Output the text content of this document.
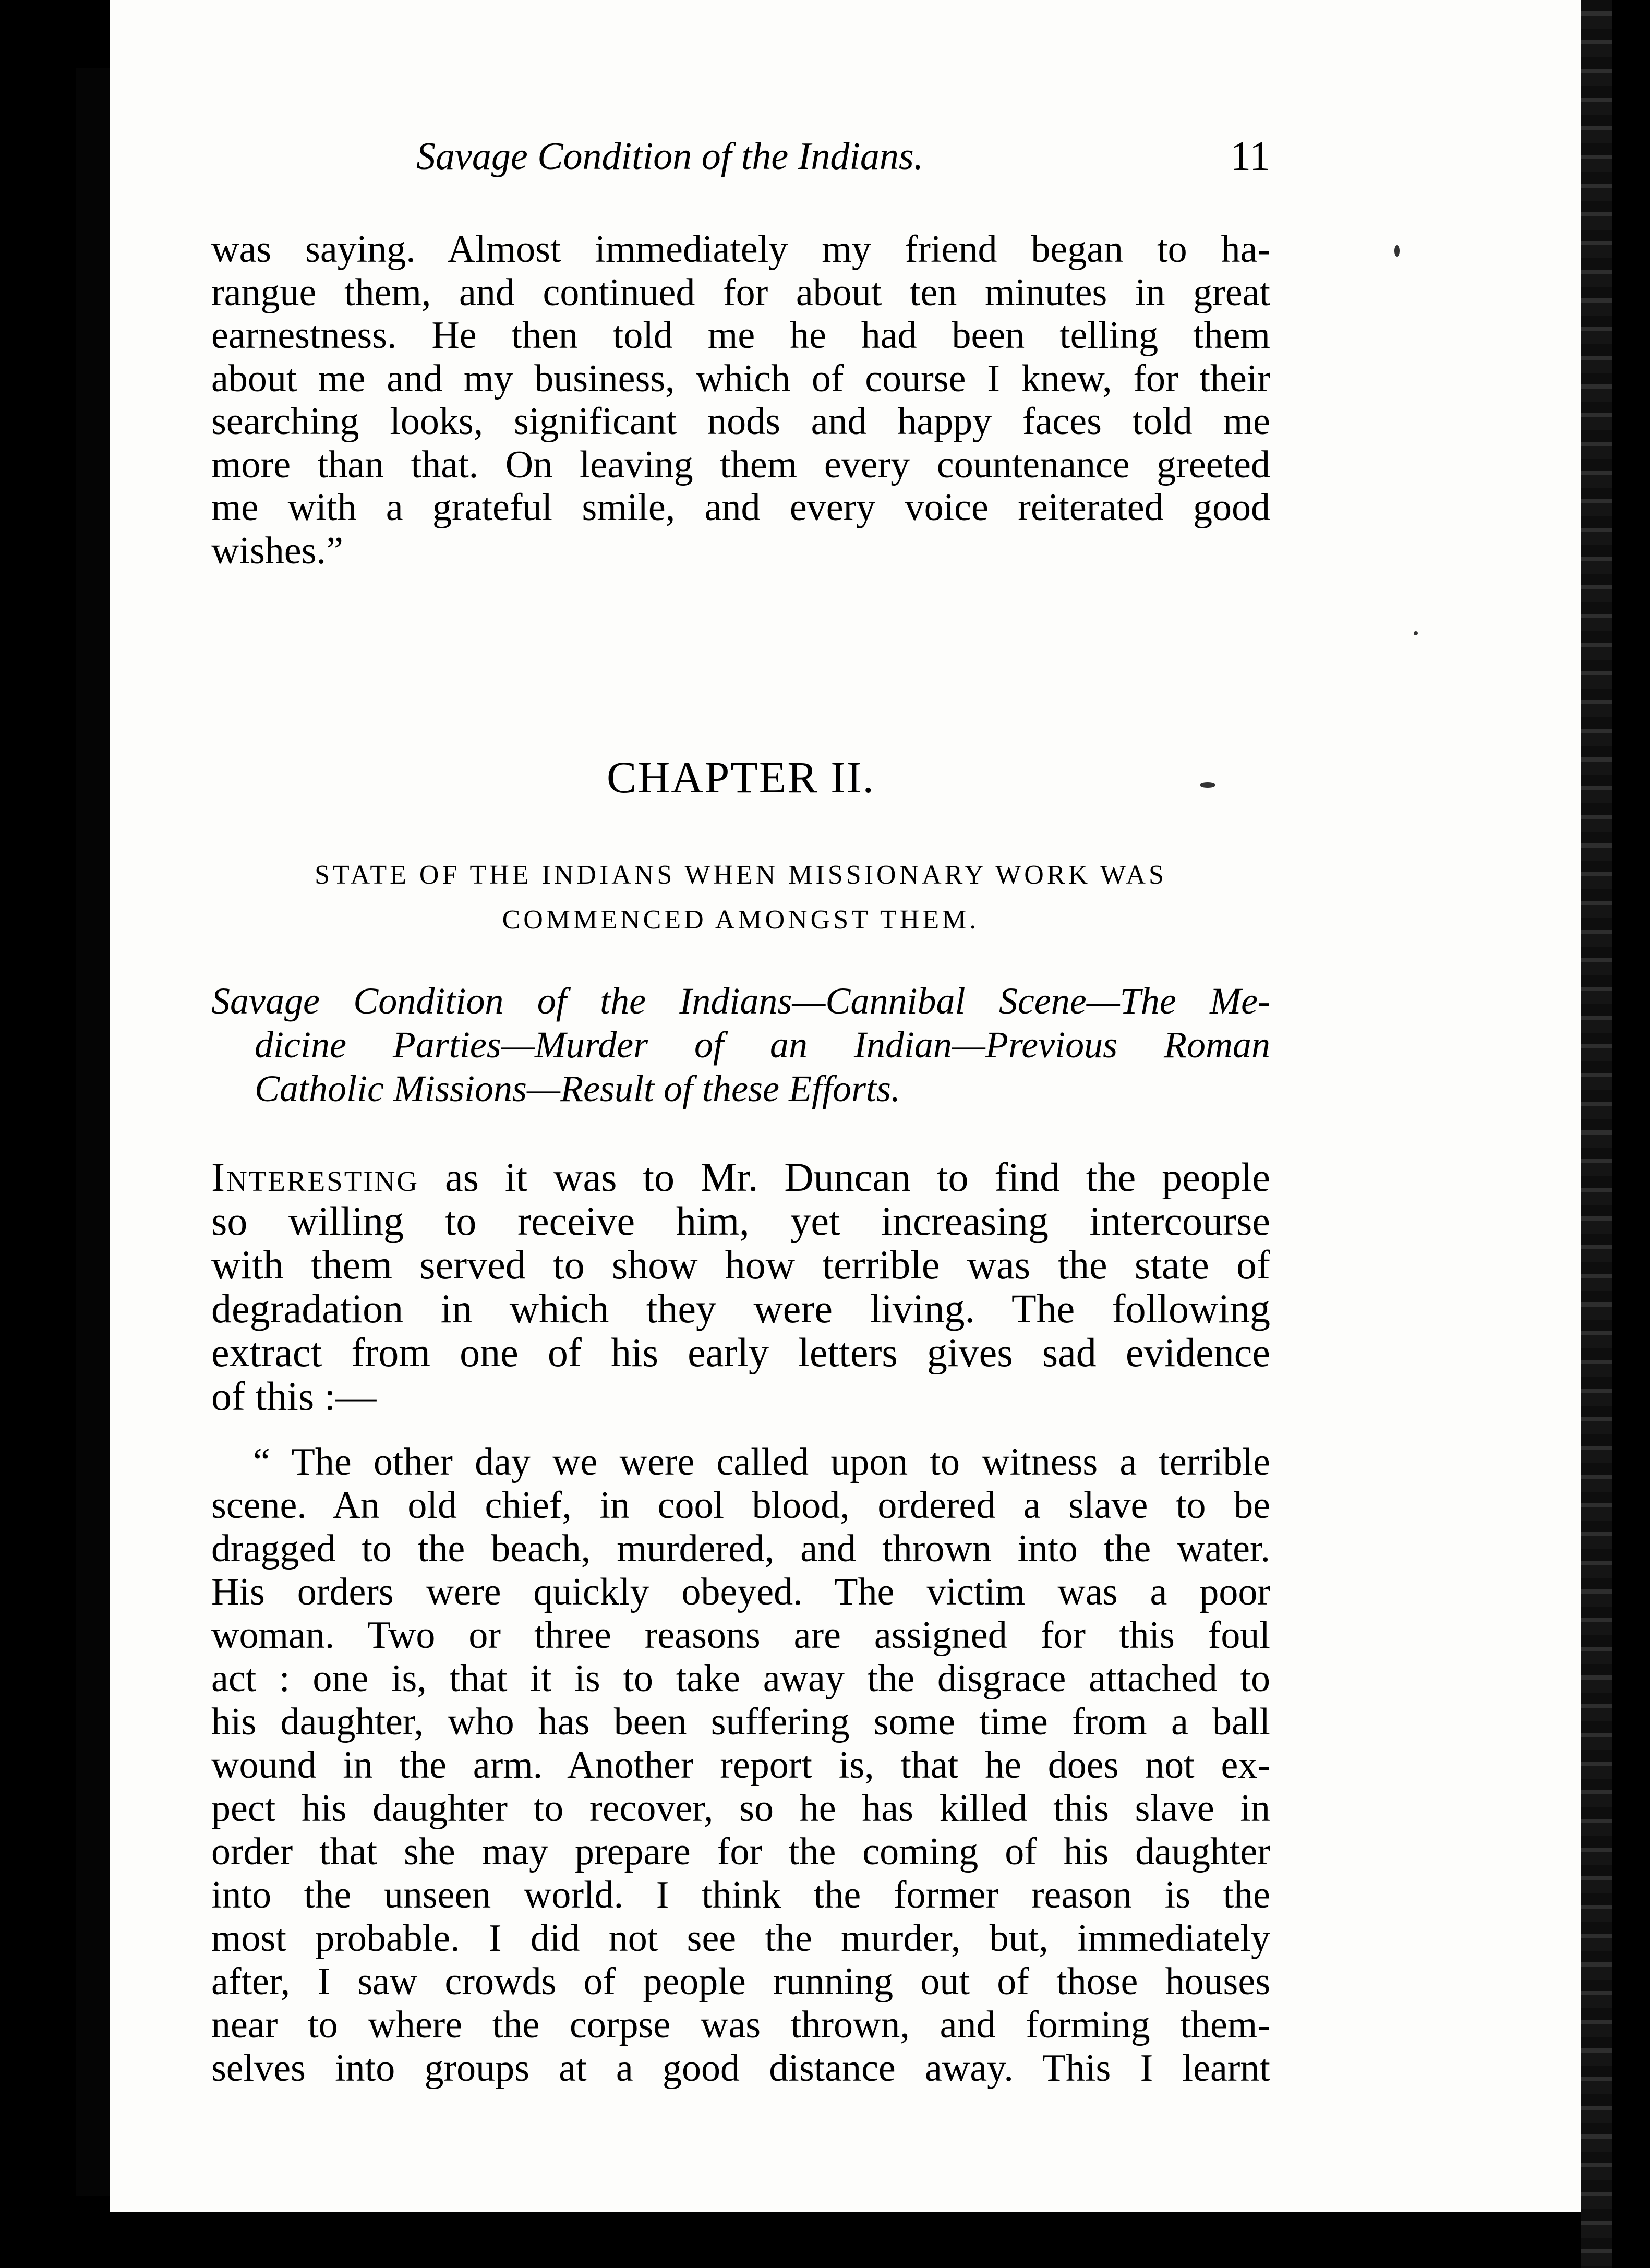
Savage Condition of the Indians.	11
was saying. Almost immediately my friend began to ha-
rangue them, and continued for about ten minutes in great
earnestness. He then told me he had been telling them
about me and my business, which of course I knew, for their
searching looks, significant nods and happy faces told me
more than that. On leaving them every countenance greeted
me with a grateful smile, and every voice reiterated good
wishes.”
CHAPTER II.
STATE OF THE INDIANS WHEN MISSIONARY WORK WAS
COMMENCED AMONGST THEM.
Savage Condition of the Indians—Cannibal Scene—The Me-
dicine Parties—Murder of an Indian—Previous Roman
Catholic Missions—Result of these Efforts.
Interesting as it was to Mr. Duncan to find the people
so willing to receive him, yet increasing intercourse
with them served to show how terrible was the state of
degradation in which they were living. The following
extract from one of his early letters gives sad evidence
of this :—
“ The other day we were called upon to witness a terrible
scene. An old chief, in cool blood, ordered a slave to be
dragged to the beach, murdered, and thrown into the water.
His orders were quickly obeyed. The victim was a poor
woman. Two or three reasons are assigned for this foul
act : one is, that it is to take away the disgrace attached to
his daughter, who has been suffering some time from a ball
wound in the arm. Another report is, that he does not ex-
pect his daughter to recover, so he has killed this slave in
order that she may prepare for the coming of his daughter
into the unseen world. I think the former reason is the
most probable. I did not see the murder, but, immediately
after, I saw crowds of people running out of those houses
near to where the corpse was thrown, and forming them-
selves into groups at a good distance away. This I learnt
